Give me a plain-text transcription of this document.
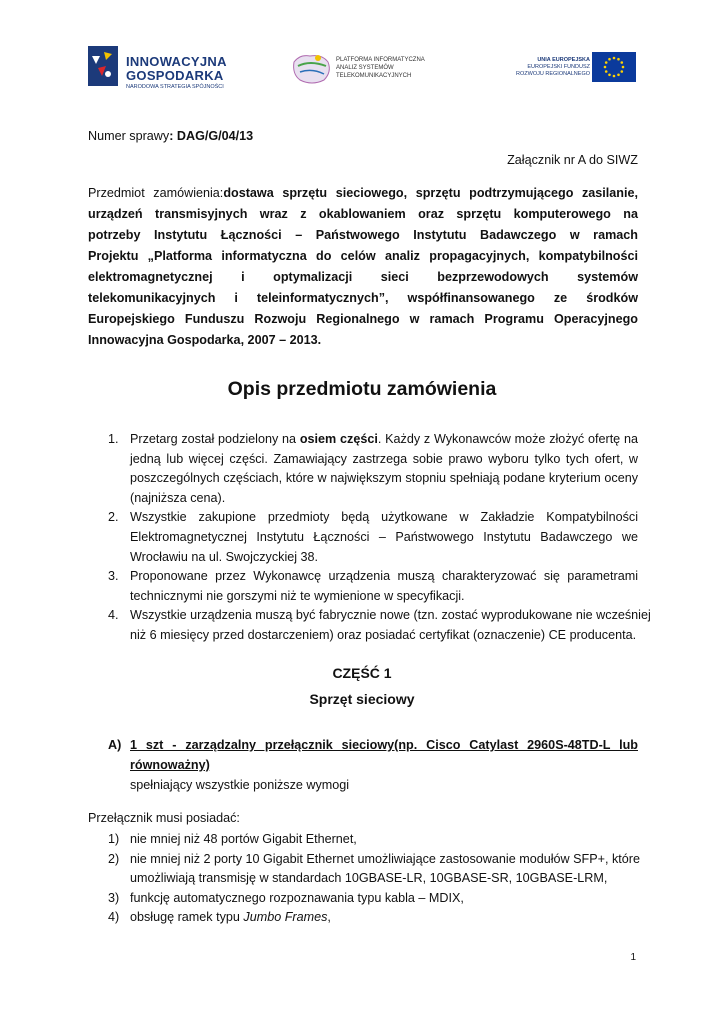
INNOWACYJNA
GOSPODARKA
NARODOWA STRATEGIA SPÓJNOŚCI
PLATFORMA INFORMATYCZNA
ANALIZ SYSTEMÓW
TELEKOMUNIKACYJNYCH
UNIA EUROPEJSKA
EUROPEJSKI FUNDUSZ
ROZWOJU REGIONALNEGO
Numer sprawy: DAG/G/04/13
Załącznik nr A do SIWZ
Przedmiot zamówienia:dostawa sprzętu sieciowego, sprzętu podtrzymującego zasilanie,
urządzeń transmisyjnych wraz z okablowaniem oraz sprzętu komputerowego na
potrzeby Instytutu Łączności – Państwowego Instytutu Badawczego w ramach
Projektu „Platforma informatyczna do celów analiz propagacyjnych, kompatybilności
elektromagnetycznej i optymalizacji sieci bezprzewodowych systemów
telekomunikacyjnych i teleinformatycznych”, współfinansowanego ze środków
Europejskiego Funduszu Rozwoju Regionalnego w ramach Programu Operacyjnego
Innowacyjna Gospodarka, 2007 – 2013.
Opis przedmiotu zamówienia
1. Przetarg został podzielony na osiem części. Każdy z Wykonawców może złożyć ofertę na
jedną lub więcej części. Zamawiający zastrzega sobie prawo wyboru tylko tych ofert, w
poszczególnych częściach, które w największym stopniu spełniają podane kryterium oceny
(najniższa cena).
2. Wszystkie zakupione przedmioty będą użytkowane w Zakładzie Kompatybilności
Elektromagnetycznej Instytutu Łączności – Państwowego Instytutu Badawczego we
Wrocławiu na ul. Swojczyckiej 38.
3. Proponowane przez Wykonawcę urządzenia muszą charakteryzować się parametrami
technicznymi nie gorszymi niż te wymienione w specyfikacji.
4. Wszystkie urządzenia muszą być fabrycznie nowe (tzn. zostać wyprodukowane nie wcześniej
niż 6 miesięcy przed dostarczeniem) oraz posiadać certyfikat (oznaczenie) CE producenta.
CZĘŚĆ 1
Sprzęt sieciowy
A) 1 szt - zarządzalny przełącznik sieciowy(np. Cisco Catylast 2960S-48TD-L lub
równoważny)
spełniający wszystkie poniższe wymogi
Przełącznik musi posiadać:
1) nie mniej niż 48 portów Gigabit Ethernet,
2) nie mniej niż 2 porty 10 Gigabit Ethernet umożliwiające zastosowanie modułów SFP+, które
umożliwiają transmisję w standardach 10GBASE-LR, 10GBASE-SR, 10GBASE-LRM,
3) funkcję automatycznego rozpoznawania typu kabla – MDIX,
4) obsługę ramek typu Jumbo Frames,
1
